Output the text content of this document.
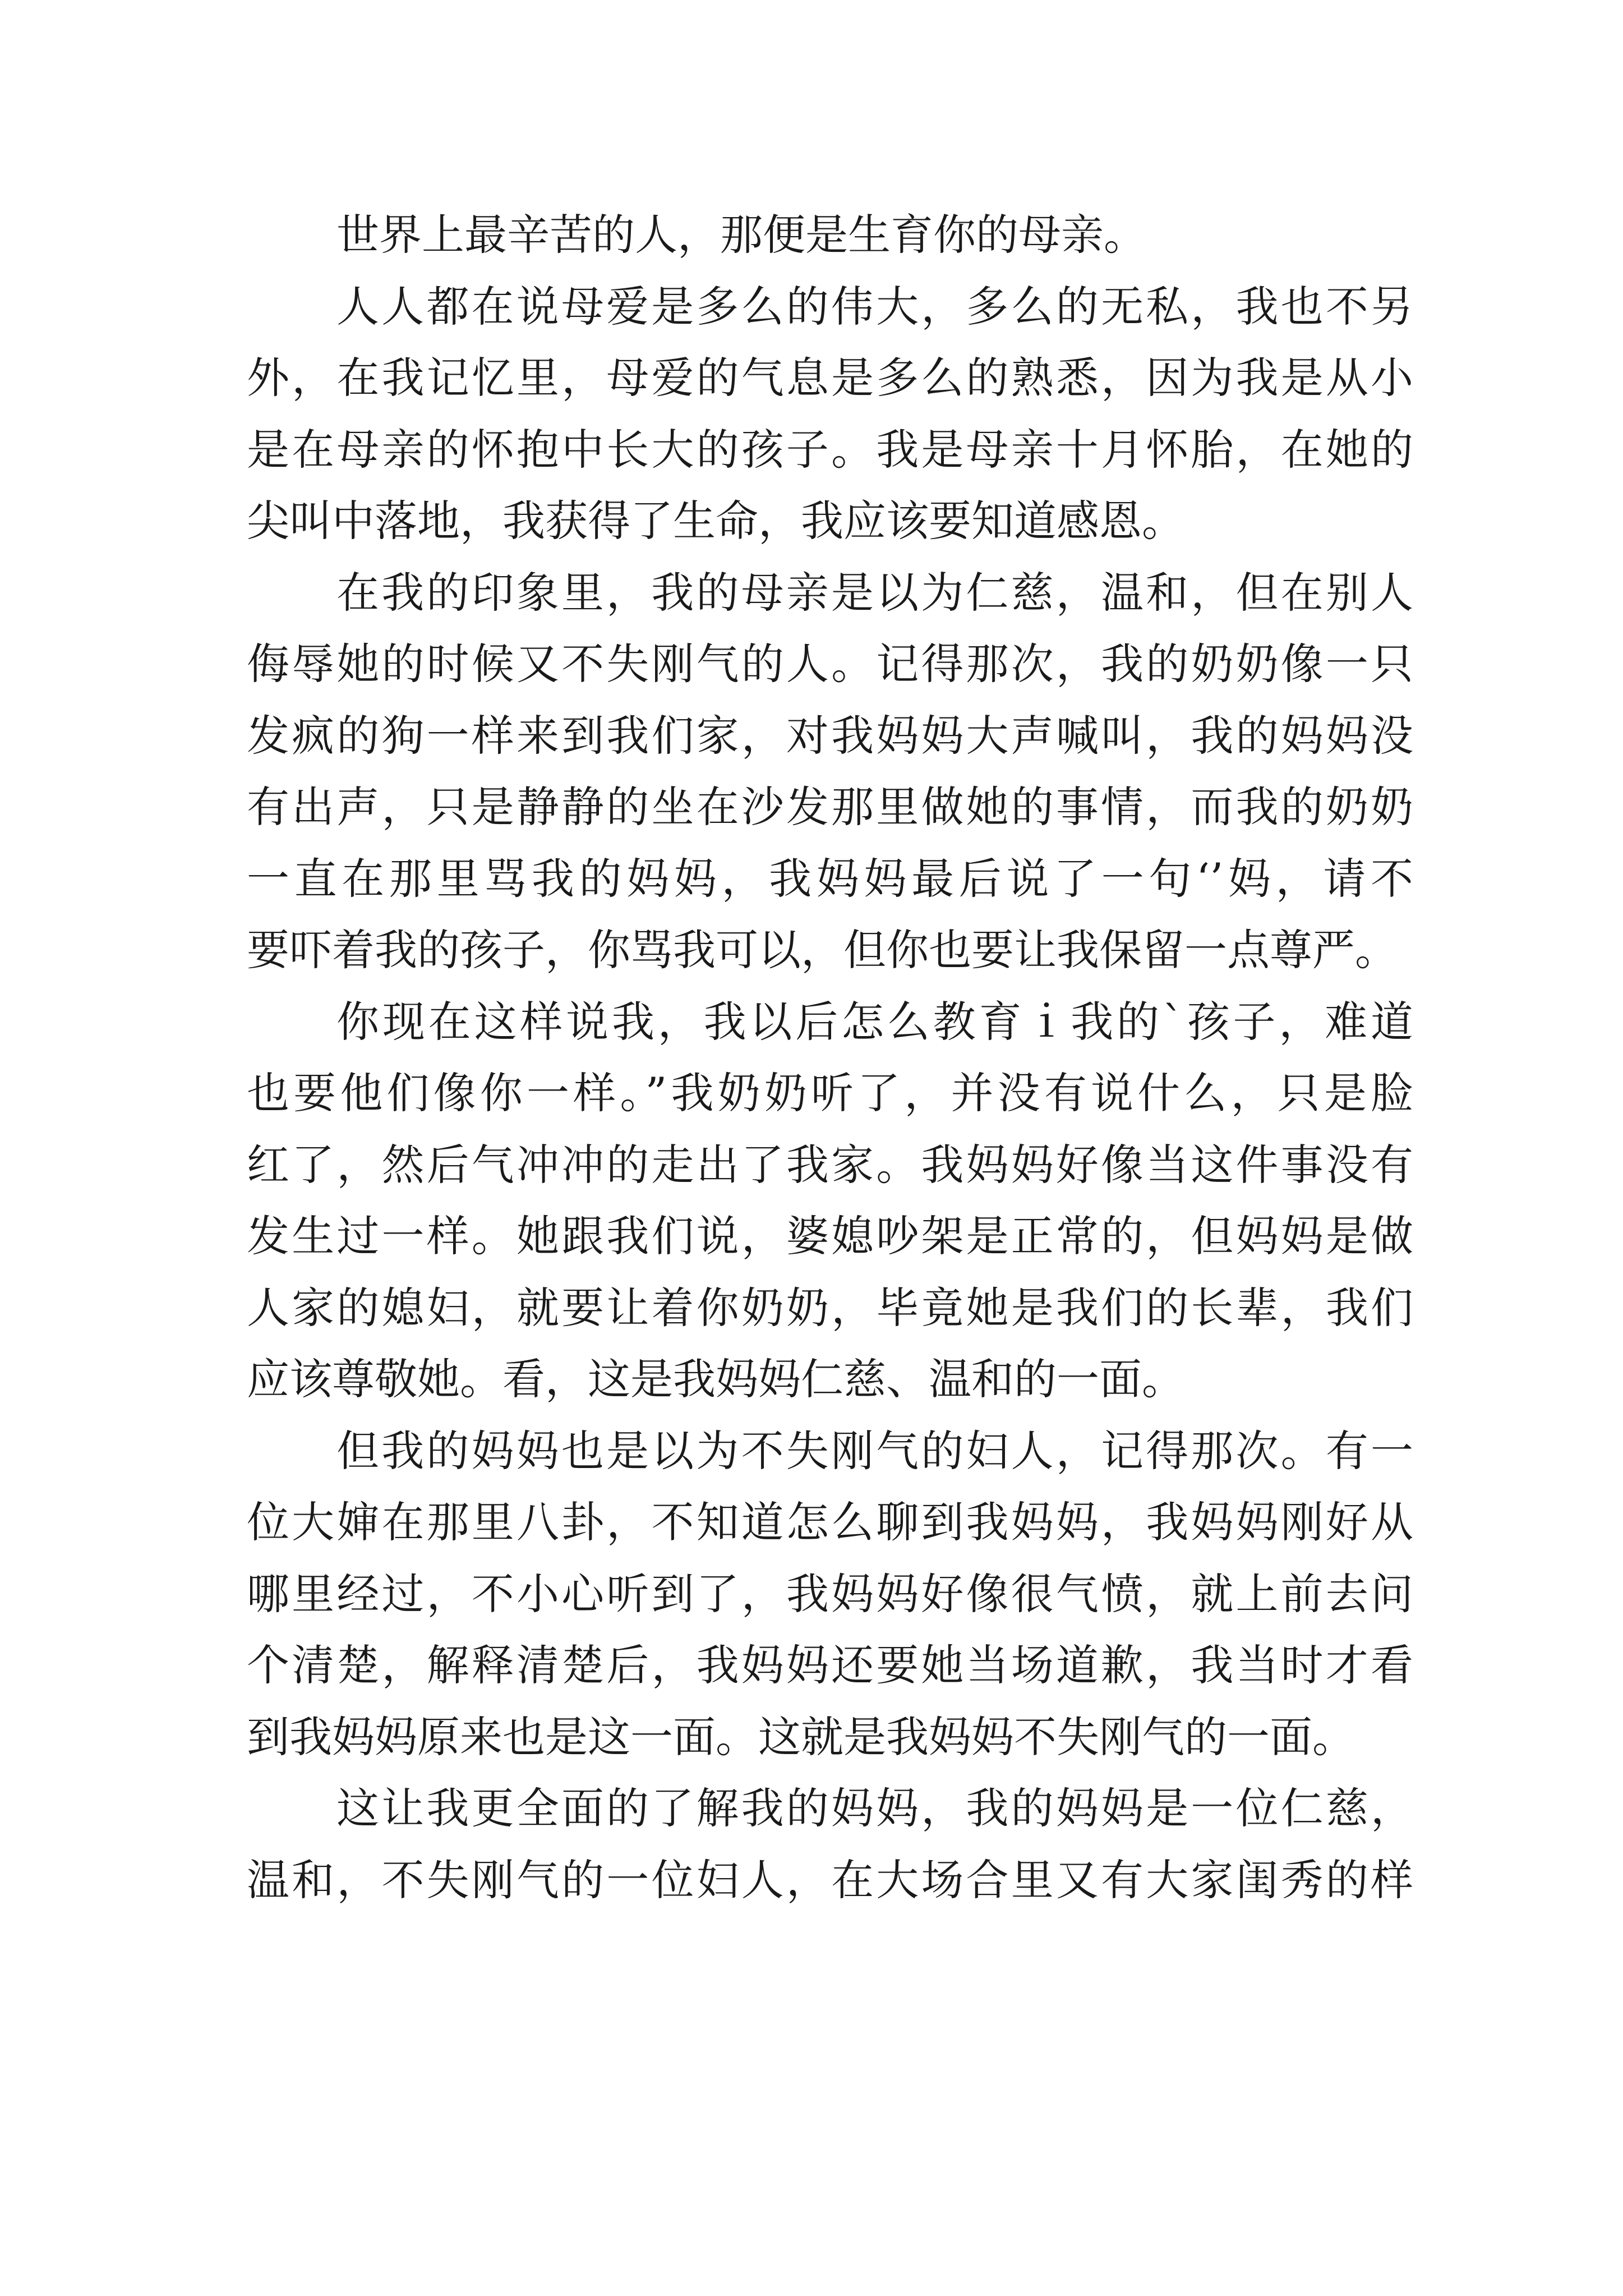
世界上最辛苦的人，那便是生育你的母亲。
人人都在说母爱是多么的伟大，多么的无私，我也不另
外，在我记忆里，母爱的气息是多么的熟悉，因为我是从小
是在母亲的怀抱中长大的孩子。我是母亲十月怀胎，在她的
尖叫中落地，我获得了生命，我应该要知道感恩。
在我的印象里，我的母亲是以为仁慈，温和，但在别人
侮辱她的时候又不失刚气的人。记得那次，我的奶奶像一只
发疯的狗一样来到我们家，对我妈妈大声喊叫，我的妈妈没
有出声，只是静静的坐在沙发那里做她的事情，而我的奶奶
一直在那里骂我的妈妈，我妈妈最后说了一句‘’妈，请不
要吓着我的孩子，你骂我可以，但你也要让我保留一点尊严。
你现在这样说我，我以后怎么教育ｉ我的`孩子，难道
也要他们像你一样。”我奶奶听了，并没有说什么，只是脸
红了，然后气冲冲的走出了我家。我妈妈好像当这件事没有
发生过一样。她跟我们说，婆媳吵架是正常的，但妈妈是做
人家的媳妇，就要让着你奶奶，毕竟她是我们的长辈，我们
应该尊敬她。看，这是我妈妈仁慈、温和的一面。
但我的妈妈也是以为不失刚气的妇人，记得那次。有一
位大婶在那里八卦，不知道怎么聊到我妈妈，我妈妈刚好从
哪里经过，不小心听到了，我妈妈好像很气愤，就上前去问
个清楚，解释清楚后，我妈妈还要她当场道歉，我当时才看
到我妈妈原来也是这一面。这就是我妈妈不失刚气的一面。
这让我更全面的了解我的妈妈，我的妈妈是一位仁慈，
温和，不失刚气的一位妇人，在大场合里又有大家闺秀的样
